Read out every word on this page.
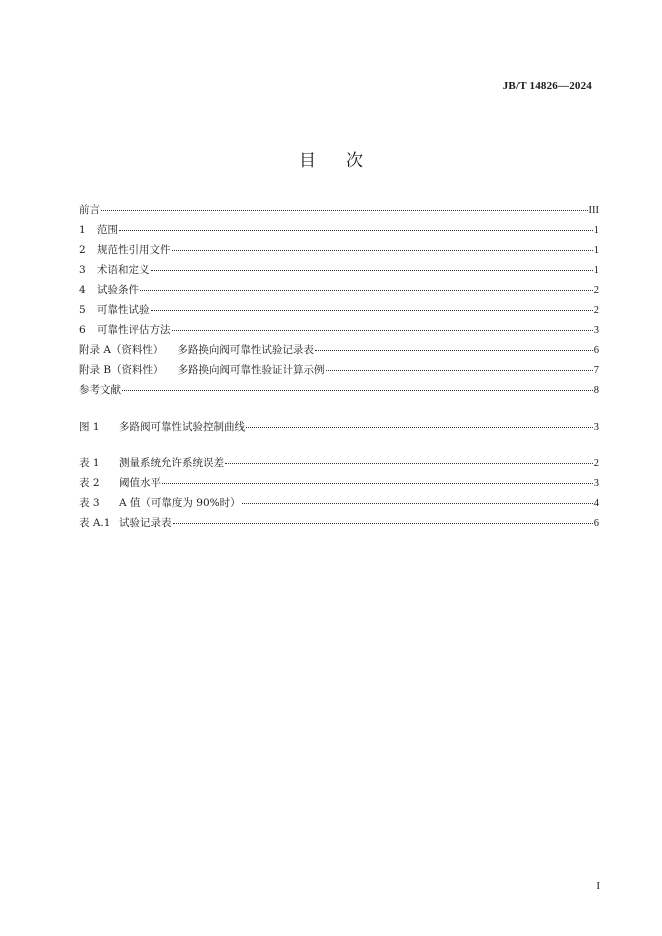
JB/T 14826—2024
目次
前言	III
1	范围	1
2	规范性引用文件	1
3	术语和定义	1
4	试验条件	2
5	可靠性试验	2
6	可靠性评估方法	3
附录 A（资料性） 多路换向阀可靠性试验记录表	6
附录 B（资料性） 多路换向阀可靠性验证计算示例	7
参考文献	8
图 1	多路阀可靠性试验控制曲线	3
表 1	测量系统允许系统误差	2
表 2	阈值水平	3
表 3	A 值（可靠度为 90%时）	4
表 A.1 试验记录表	6
I
